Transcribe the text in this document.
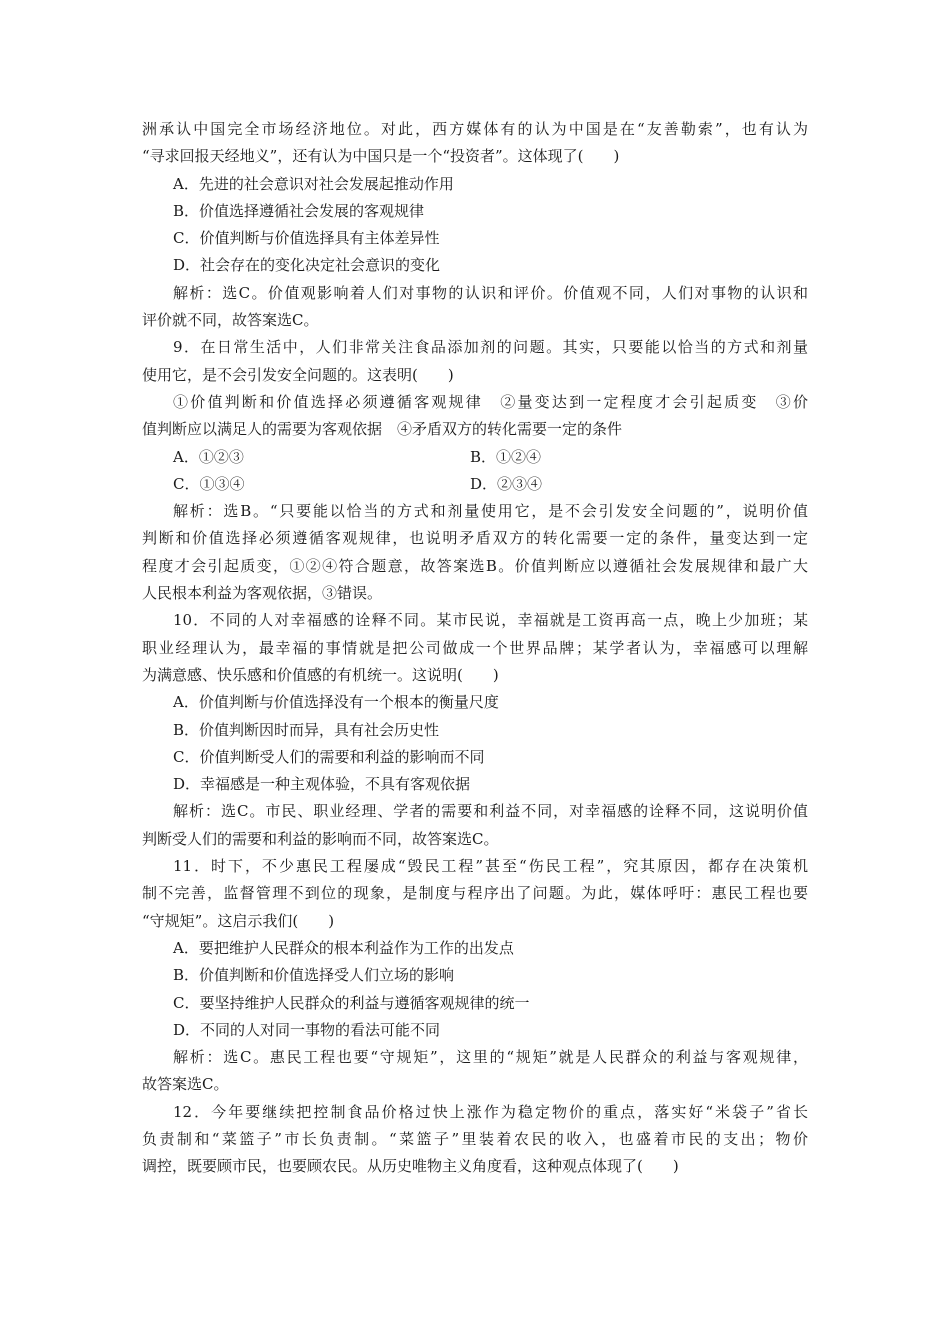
洲承认中国完全市场经济地位。对此，西方媒体有的认为中国是在“友善勒索”，也有认为
“寻求回报天经地义”，还有认为中国只是一个“投资者”。这体现了(　　)
A．先进的社会意识对社会发展起推动作用
B．价值选择遵循社会发展的客观规律
C．价值判断与价值选择具有主体差异性
D．社会存在的变化决定社会意识的变化
解析：选C。价值观影响着人们对事物的认识和评价。价值观不同，人们对事物的认识和
评价就不同，故答案选C。
9．在日常生活中，人们非常关注食品添加剂的问题。其实，只要能以恰当的方式和剂量
使用它，是不会引发安全问题的。这表明(　　)
①价值判断和价值选择必须遵循客观规律　②量变达到一定程度才会引起质变　③价
值判断应以满足人的需要为客观依据　④矛盾双方的转化需要一定的条件
A．①②③	B．①②④
C．①③④	D．②③④
解析：选B。“只要能以恰当的方式和剂量使用它，是不会引发安全问题的”，说明价值
判断和价值选择必须遵循客观规律，也说明矛盾双方的转化需要一定的条件，量变达到一定
程度才会引起质变，①②④符合题意，故答案选B。价值判断应以遵循社会发展规律和最广大
人民根本利益为客观依据，③错误。
10．不同的人对幸福感的诠释不同。某市民说，幸福就是工资再高一点，晚上少加班；某
职业经理认为，最幸福的事情就是把公司做成一个世界品牌；某学者认为，幸福感可以理解
为满意感、快乐感和价值感的有机统一。这说明(　　)
A．价值判断与价值选择没有一个根本的衡量尺度
B．价值判断因时而异，具有社会历史性
C．价值判断受人们的需要和利益的影响而不同
D．幸福感是一种主观体验，不具有客观依据
解析：选C。市民、职业经理、学者的需要和利益不同，对幸福感的诠释不同，这说明价值
判断受人们的需要和利益的影响而不同，故答案选C。
11．时下，不少惠民工程屡成“毁民工程”甚至“伤民工程”，究其原因，都存在决策机
制不完善，监督管理不到位的现象，是制度与程序出了问题。为此，媒体呼吁：惠民工程也要
“守规矩”。这启示我们(　　)
A．要把维护人民群众的根本利益作为工作的出发点
B．价值判断和价值选择受人们立场的影响
C．要坚持维护人民群众的利益与遵循客观规律的统一
D．不同的人对同一事物的看法可能不同
解析：选C。惠民工程也要“守规矩”，这里的“规矩”就是人民群众的利益与客观规律，
故答案选C。
12．今年要继续把控制食品价格过快上涨作为稳定物价的重点，落实好“米袋子”省长
负责制和“菜篮子”市长负责制。“菜篮子”里装着农民的收入，也盛着市民的支出；物价
调控，既要顾市民，也要顾农民。从历史唯物主义角度看，这种观点体现了(　　)
